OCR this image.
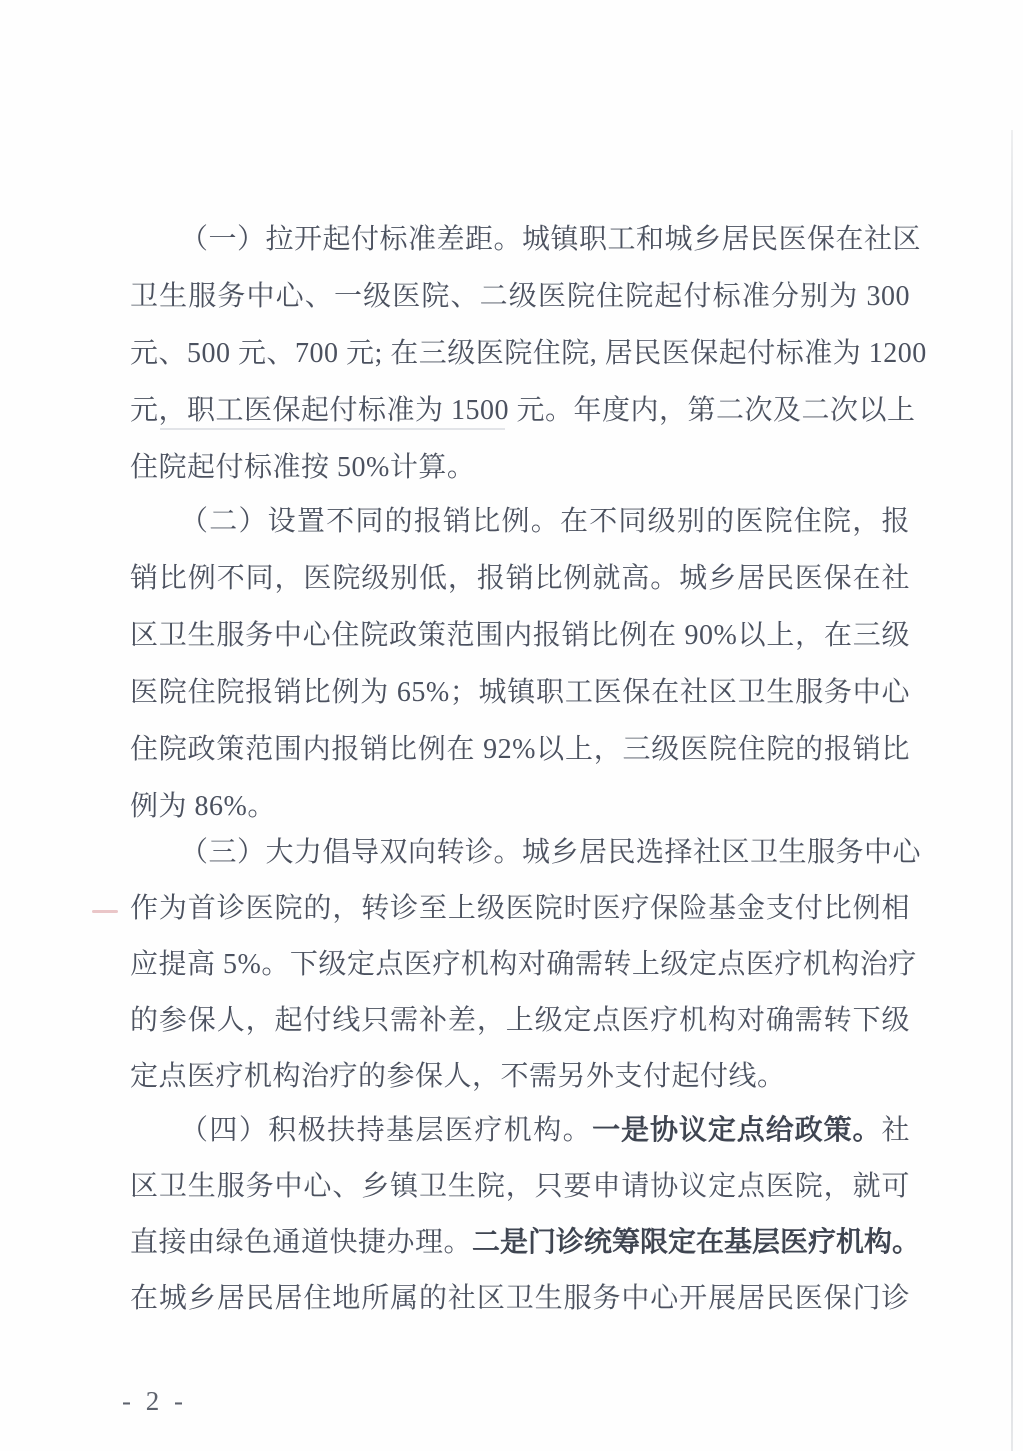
（一）拉开起付标准差距。城镇职工和城乡居民医保在社区
卫生服务中心、一级医院、二级医院住院起付标准分别为 300
元、500 元、700 元; 在三级医院住院, 居民医保起付标准为 1200
元，职工医保起付标准为 1500 元。年度内，第二次及二次以上
住院起付标准按 50%计算。
（二）设置不同的报销比例。在不同级别的医院住院，报
销比例不同，医院级别低，报销比例就高。城乡居民医保在社
区卫生服务中心住院政策范围内报销比例在 90%以上，在三级
医院住院报销比例为 65%；城镇职工医保在社区卫生服务中心
住院政策范围内报销比例在 92%以上，三级医院住院的报销比
例为 86%。
（三）大力倡导双向转诊。城乡居民选择社区卫生服务中心
作为首诊医院的，转诊至上级医院时医疗保险基金支付比例相
应提高 5%。下级定点医疗机构对确需转上级定点医疗机构治疗
的参保人，起付线只需补差，上级定点医疗机构对确需转下级
定点医疗机构治疗的参保人，不需另外支付起付线。
（四）积极扶持基层医疗机构。一是协议定点给政策。社
区卫生服务中心、乡镇卫生院，只要申请协议定点医院，就可
直接由绿色通道快捷办理。二是门诊统筹限定在基层医疗机构。
在城乡居民居住地所属的社区卫生服务中心开展居民医保门诊
- 2 -
